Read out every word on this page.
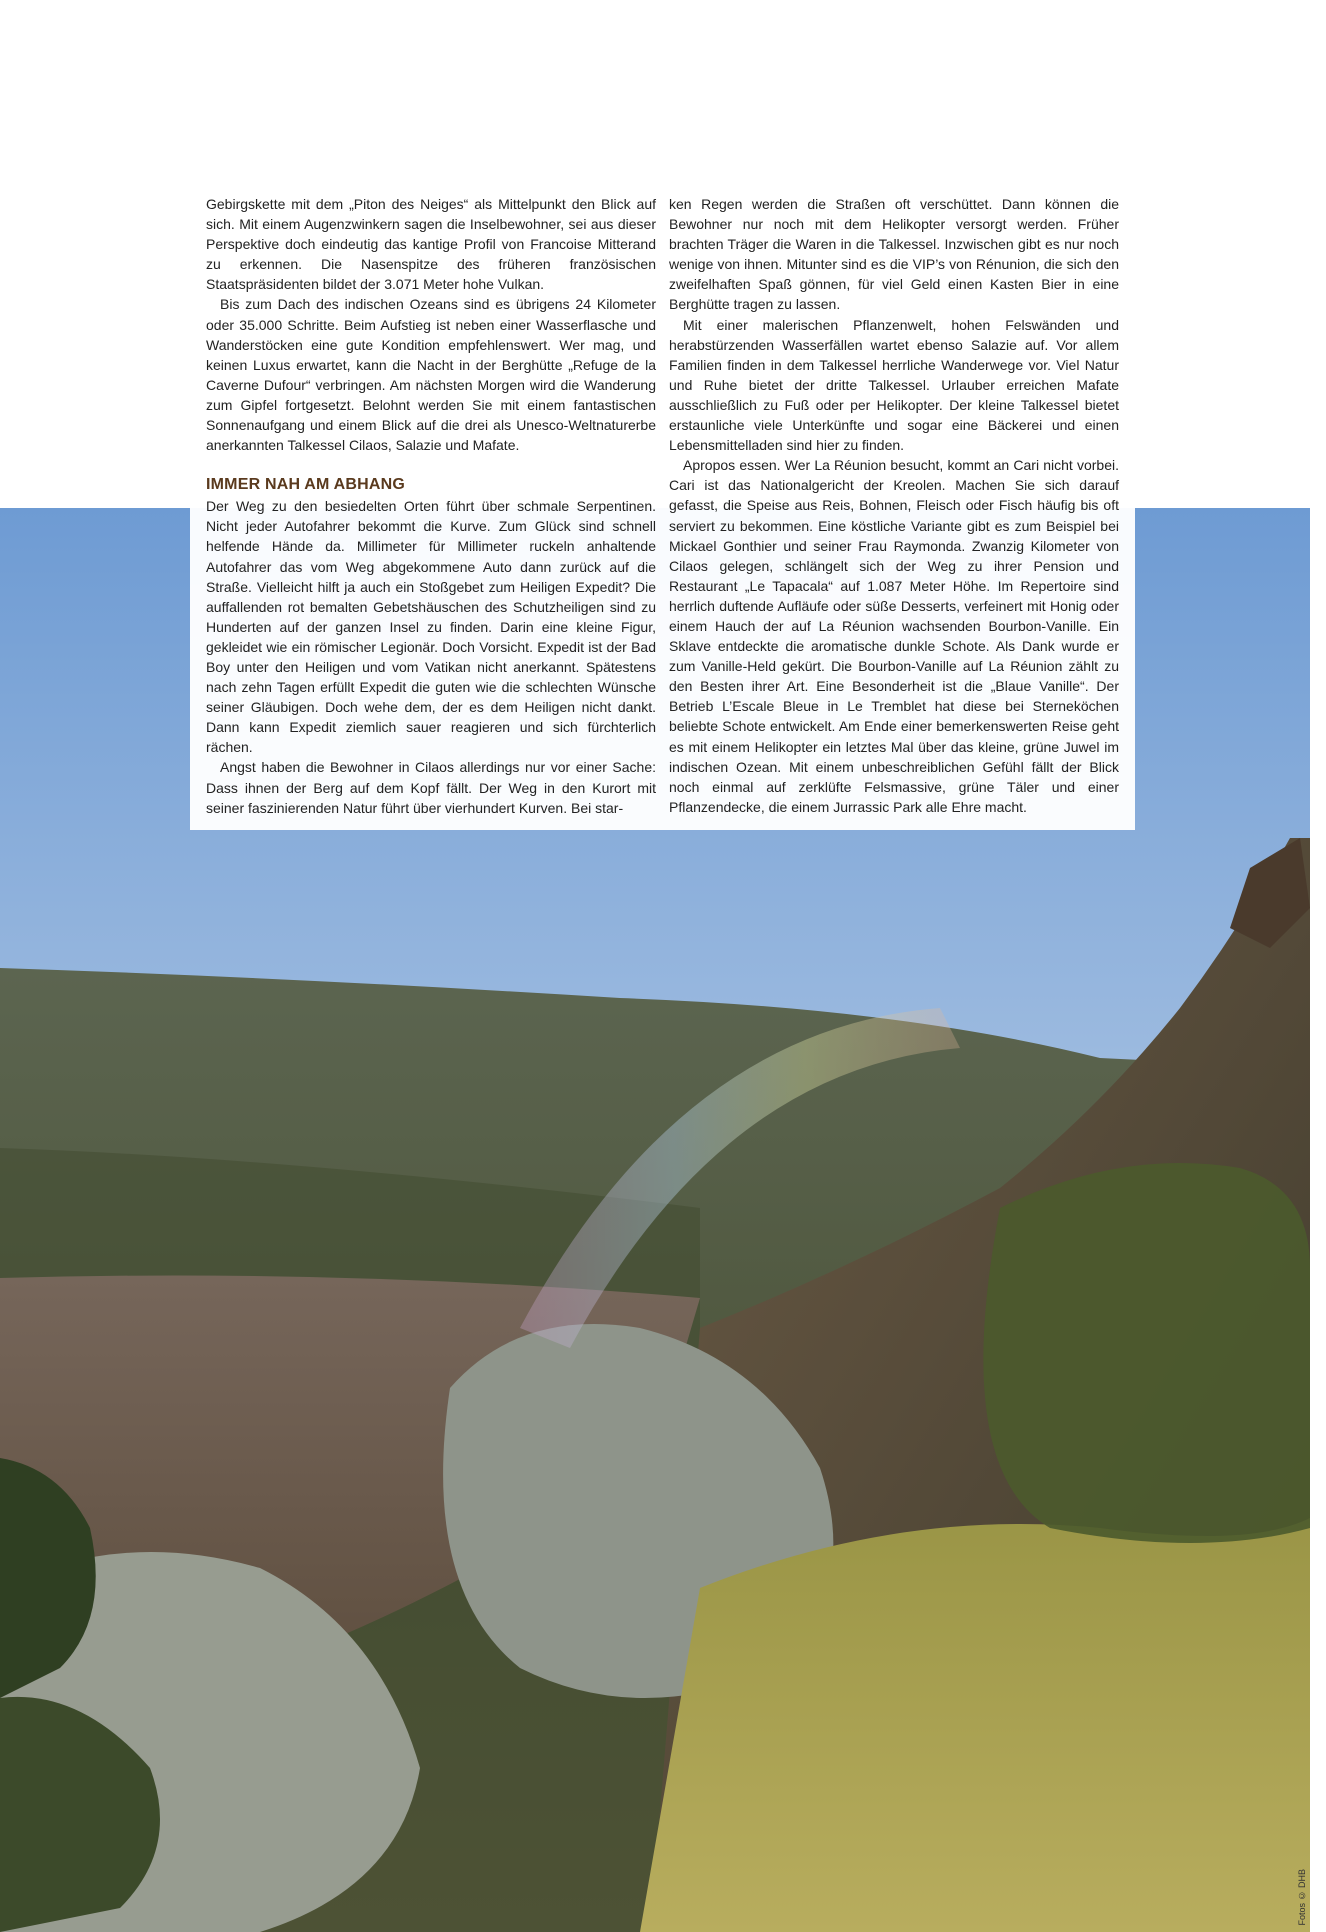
Fotos © DHB

Gebirgskette mit dem „Piton des Neiges“ als Mittelpunkt den Blick auf sich. Mit einem Augenzwinkern sagen die Inselbewohner, sei aus dieser Perspektive doch eindeutig das kantige Profil von Francoise Mitterand zu erkennen. Die Nasenspitze des früheren französischen Staatspräsidenten bildet der 3.071 Meter hohe Vulkan.

Bis zum Dach des indischen Ozeans sind es übrigens 24 Kilometer oder 35.000 Schritte. Beim Aufstieg ist neben einer Wasserflasche und Wanderstöcken eine gute Kondition empfehlenswert. Wer mag, und keinen Luxus erwartet, kann die Nacht in der Berghütte „Refuge de la Caverne Dufour“ verbringen. Am nächsten Morgen wird die Wanderung zum Gipfel fortgesetzt. Belohnt werden Sie mit einem fantastischen Sonnenaufgang und einem Blick auf die drei als Unesco-Weltnaturerbe anerkannten Talkessel Cilaos, Salazie und Mafate.

IMMER NAH AM ABHANG

Der Weg zu den besiedelten Orten führt über schmale Serpentinen. Nicht jeder Autofahrer bekommt die Kurve. Zum Glück sind schnell helfende Hände da. Millimeter für Millimeter ruckeln anhaltende Autofahrer das vom Weg abgekommene Auto dann zurück auf die Straße. Vielleicht hilft ja auch ein Stoßgebet zum Heiligen Expedit? Die auffallenden rot bemalten Gebetshäuschen des Schutzheiligen sind zu Hunderten auf der ganzen Insel zu finden. Darin eine kleine Figur, gekleidet wie ein römischer Legionär. Doch Vorsicht. Expedit ist der Bad Boy unter den Heiligen und vom Vatikan nicht anerkannt. Spätestens nach zehn Tagen erfüllt Expedit die guten wie die schlechten Wünsche seiner Gläubigen. Doch wehe dem, der es dem Heiligen nicht dankt. Dann kann Expedit ziemlich sauer reagieren und sich fürchterlich rächen.

Angst haben die Bewohner in Cilaos allerdings nur vor einer Sache: Dass ihnen der Berg auf dem Kopf fällt. Der Weg in den Kurort mit seiner faszinierenden Natur führt über vierhundert Kurven. Bei star-

ken Regen werden die Straßen oft verschüttet. Dann können die Bewohner nur noch mit dem Helikopter versorgt werden. Früher brachten Träger die Waren in die Talkessel. Inzwischen gibt es nur noch wenige von ihnen. Mitunter sind es die VIP’s von Rénunion, die sich den zweifelhaften Spaß gönnen, für viel Geld einen Kasten Bier in eine Berghütte tragen zu lassen.

Mit einer malerischen Pflanzenwelt, hohen Felswänden und herabstürzenden Wasserfällen wartet ebenso Salazie auf. Vor allem Familien finden in dem Talkessel herrliche Wanderwege vor. Viel Natur und Ruhe bietet der dritte Talkessel. Urlauber erreichen Mafate ausschließlich zu Fuß oder per Helikopter. Der kleine Talkessel bietet erstaunliche viele Unterkünfte und sogar eine Bäckerei und einen Lebensmittelladen sind hier zu finden.

Apropos essen. Wer La Réunion besucht, kommt an Cari nicht vorbei. Cari ist das Nationalgericht der Kreolen. Machen Sie sich darauf gefasst, die Speise aus Reis, Bohnen, Fleisch oder Fisch häufig bis oft serviert zu bekommen. Eine köstliche Variante gibt es zum Beispiel bei Mickael Gonthier und seiner Frau Raymonda. Zwanzig Kilometer von Cilaos gelegen, schlängelt sich der Weg zu ihrer Pension und Restaurant „Le Tapacala“ auf 1.087 Meter Höhe. Im Repertoire sind herrlich duftende Aufläufe oder süße Desserts, verfeinert mit Honig oder einem Hauch der auf La Réunion wachsenden Bourbon-Vanille. Ein Sklave entdeckte die aromatische dunkle Schote. Als Dank wurde er zum Vanille-Held gekürt. Die Bourbon-Vanille auf La Réunion zählt zu den Besten ihrer Art. Eine Besonderheit ist die „Blaue Vanille“. Der Betrieb L’Escale Bleue in Le Tremblet hat diese bei Sterneköchen beliebte Schote entwickelt. Am Ende einer bemerkenswerten Reise geht es mit einem Helikopter ein letztes Mal über das kleine, grüne Juwel im indischen Ozean. Mit einem unbeschreiblichen Gefühl fällt der Blick noch einmal auf zerklüfte Felsmassive, grüne Täler und einer Pflanzendecke, die einem Jurrassic Park alle Ehre macht.
